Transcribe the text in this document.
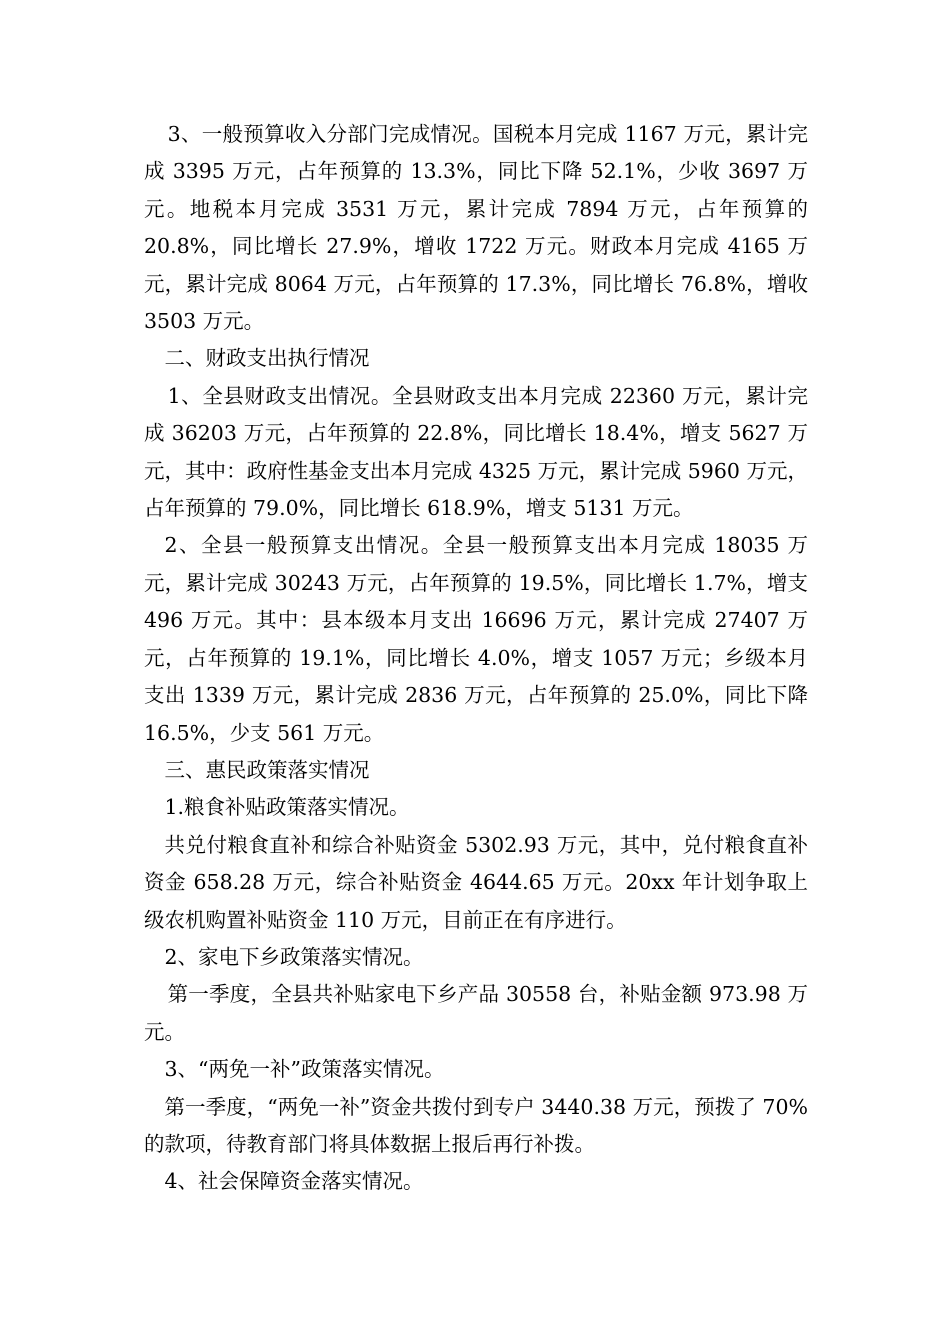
3、一般预算收入分部门完成情况。国税本月完成 1167 万元，累计完成 3395 万元，占年预算的 13.3%，同比下降 52.1%，少收 3697 万元。地税本月完成 3531 万元，累计完成 7894 万元，占年预算的 20.8%，同比增长 27.9%，增收 1722 万元。财政本月完成 4165 万元，累计完成 8064 万元，占年预算的 17.3%，同比增长 76.8%，增收 3503 万元。

二、财政支出执行情况

1、全县财政支出情况。全县财政支出本月完成 22360 万元，累计完成 36203 万元，占年预算的 22.8%，同比增长 18.4%，增支 5627 万元，其中：政府性基金支出本月完成 4325 万元，累计完成 5960 万元，占年预算的 79.0%，同比增长 618.9%，增支 5131 万元。

2、全县一般预算支出情况。全县一般预算支出本月完成 18035 万元，累计完成 30243 万元，占年预算的 19.5%，同比增长 1.7%，增支 496 万元。其中：县本级本月支出 16696 万元，累计完成 27407 万元，占年预算的 19.1%，同比增长 4.0%，增支 1057 万元；乡级本月支出 1339 万元，累计完成 2836 万元，占年预算的 25.0%，同比下降 16.5%，少支 561 万元。

三、惠民政策落实情况

1.粮食补贴政策落实情况。

共兑付粮食直补和综合补贴资金 5302.93 万元，其中，兑付粮食直补资金 658.28 万元，综合补贴资金 4644.65 万元。20xx 年计划争取上级农机购置补贴资金 110 万元，目前正在有序进行。

2、家电下乡政策落实情况。

第一季度，全县共补贴家电下乡产品 30558 台，补贴金额 973.98 万元。

3、“两免一补”政策落实情况。

第一季度，“两免一补”资金共拨付到专户 3440.38 万元，预拨了 70%的款项，待教育部门将具体数据上报后再行补拨。

4、社会保障资金落实情况。
